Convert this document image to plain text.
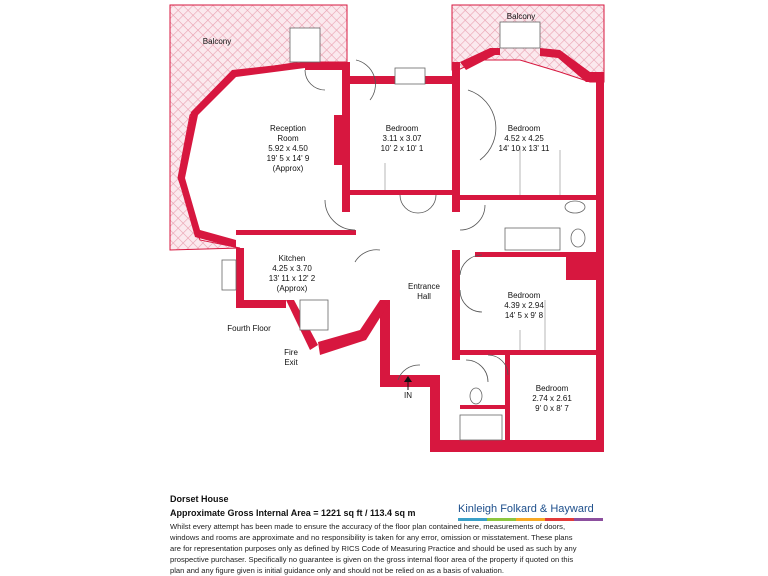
Balcony
Balcony
Reception
Room
5.92 x 4.50
19' 5 x 14' 9
(Approx)
Bedroom
3.11 x 3.07
10' 2 x 10' 1
Bedroom
4.52 x 4.25
14' 10 x 13' 11
Kitchen
4.25 x 3.70
13' 11 x 12' 2
(Approx)	Entrance
Hall	Bedroom
4.39 x 2.94
14' 5 x 9' 8
Bedroom
2.74 x 2.61
9' 0 x 8' 7
Fourth Floor
Fire
Exit
IN

Dorset House

Approximate Gross Internal Area = 1221 sq ft / 113.4 sq m

Whilst every attempt has been made to ensure the accuracy of the floor plan contained here, measurements of doors,
windows and rooms are approximate and no responsibility is taken for any error, omission or misstatement. These plans
are for representation purposes only as defined by RICS Code of Measuring Practice and should be used as such by any
prospective purchaser. Specifically no guarantee is given on the gross internal floor area of the property if quoted on this
plan and any figure given is initial guidance only and should not be relied on as a basis of valuation.
Kinleigh Folkard & Hayward
